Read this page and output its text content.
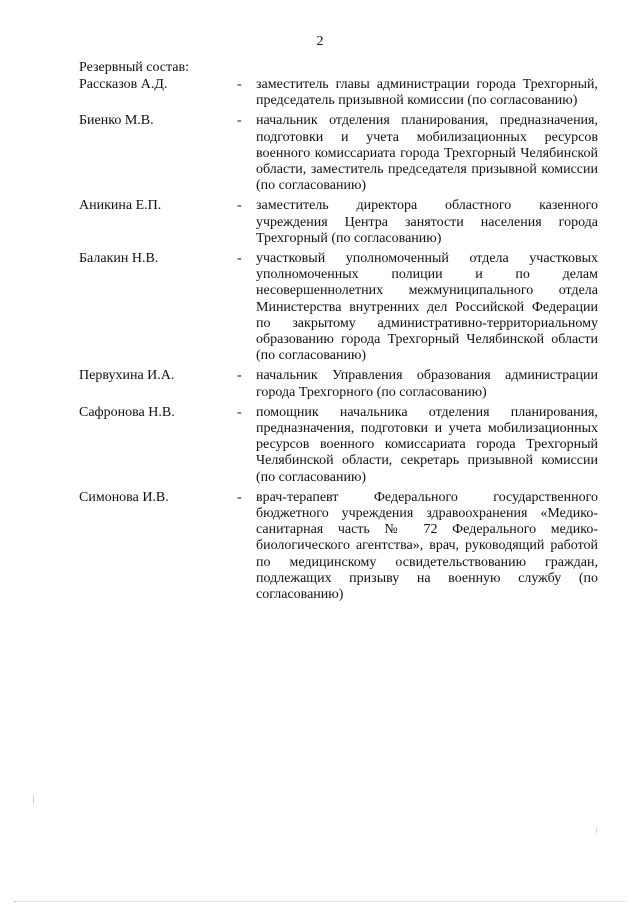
2
Резервный состав:
Рассказов А.Д.	- заместитель главы администрации города Трехгорный, председатель призывной комиссии (по согласованию)
Биенко М.В.	- начальник отделения планирования, предназначения, подготовки и учета мобилизационных ресурсов военного комиссариата города Трехгорный Челябинской области, заместитель председателя призывной комиссии (по согласованию)
Аникина Е.П.	- заместитель директора областного казенного учреждения Центра занятости населения города Трехгорный (по согласованию)
Балакин Н.В.	- участковый уполномоченный отдела участковых уполномоченных полиции и по делам несовершеннолетних межмуниципального отдела Министерства внутренних дел Российской Федерации по закрытому административно-территориальному образованию города Трехгорный Челябинской области (по согласованию)
Первухина И.А.	- начальник Управления образования администрации города Трехгорного (по согласованию)
Сафронова Н.В.	- помощник начальника отделения планирования, предназначения, подготовки и учета мобилизационных ресурсов военного комиссариата города Трехгорный Челябинской области, секретарь призывной комиссии (по согласованию)
Симонова И.В.	- врач-терапевт Федерального государственного бюджетного учреждения здравоохранения «Медико-санитарная часть № 72 Федерального медико-биологического агентства», врач, руководящий работой по медицинскому освидетельствованию граждан, подлежащих призыву на военную службу (по согласованию)
